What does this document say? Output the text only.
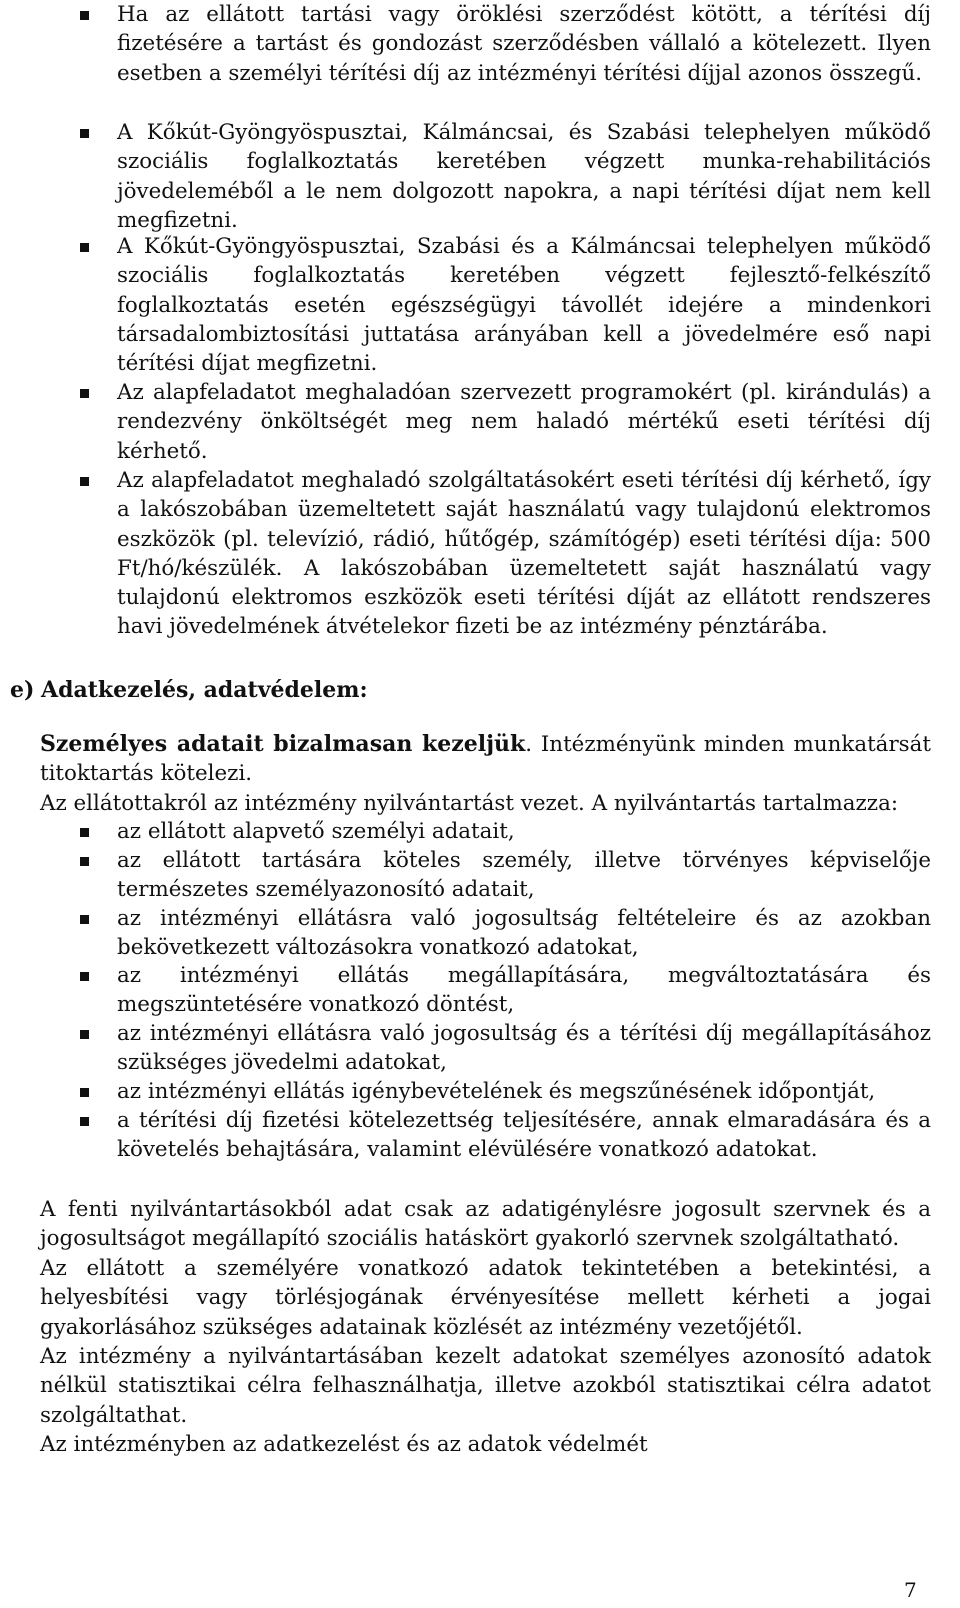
Ha az ellátott tartási vagy öröklési szerződést kötött, a térítési díj fizetésére a tartást és gondozást szerződésben vállaló a kötelezett. Ilyen esetben a személyi térítési díj az intézményi térítési díjjal azonos összegű.

A Kőkút-Gyöngyöspusztai, Kálmáncsai, és Szabási telephelyen működő szociális foglalkoztatás keretében végzett munka-rehabilitációs jövedeleméből a le nem dolgozott napokra, a napi térítési díjat nem kell megfizetni.

A Kőkút-Gyöngyöspusztai, Szabási és a Kálmáncsai telephelyen működő szociális foglalkoztatás keretében végzett fejlesztő-felkészítő foglalkoztatás esetén egészségügyi távollét idejére a mindenkori társadalombiztosítási juttatása arányában kell a jövedelmére eső napi térítési díjat megfizetni.

Az alapfeladatot meghaladóan szervezett programokért (pl. kirándulás) a rendezvény önköltségét meg nem haladó mértékű eseti térítési díj kérhető.

Az alapfeladatot meghaladó szolgáltatásokért eseti térítési díj kérhető, így a lakószobában üzemeltetett saját használatú vagy tulajdonú elektromos eszközök (pl. televízió, rádió, hűtőgép, számítógép) eseti térítési díja: 500 Ft/hó/készülék. A lakószobában üzemeltetett saját használatú vagy tulajdonú elektromos eszközök eseti térítési díját az ellátott rendszeres havi jövedelmének átvételekor fizeti be az intézmény pénztárába.

e) Adatkezelés, adatvédelem:

Személyes adatait bizalmasan kezeljük. Intézményünk minden munkatársát titoktartás kötelezi.

Az ellátottakról az intézmény nyilvántartást vezet. A nyilvántartás tartalmazza:

az ellátott alapvető személyi adatait,

az ellátott tartására köteles személy, illetve törvényes képviselője természetes személyazonosító adatait,

az intézményi ellátásra való jogosultság feltételeire és az azokban bekövetkezett változásokra vonatkozó adatokat,

az intézményi ellátás megállapítására, megváltoztatására és megszüntetésére vonatkozó döntést,

az intézményi ellátásra való jogosultság és a térítési díj megállapításához szükséges jövedelmi adatokat,

az intézményi ellátás igénybevételének és megszűnésének időpontját,

a térítési díj fizetési kötelezettség teljesítésére, annak elmaradására és a követelés behajtására, valamint elévülésére vonatkozó adatokat.

A fenti nyilvántartásokból adat csak az adatigénylésre jogosult szervnek és a jogosultságot megállapító szociális hatáskört gyakorló szervnek szolgáltatható.

Az ellátott a személyére vonatkozó adatok tekintetében a betekintési, a helyesbítési vagy törlésjogának érvényesítése mellett kérheti a jogai gyakorlásához szükséges adatainak közlését az intézmény vezetőjétől.

Az intézmény a nyilvántartásában kezelt adatokat személyes azonosító adatok nélkül statisztikai célra felhasználhatja, illetve azokból statisztikai célra adatot szolgáltathat.

Az intézményben az adatkezelést és az adatok védelmét

7
